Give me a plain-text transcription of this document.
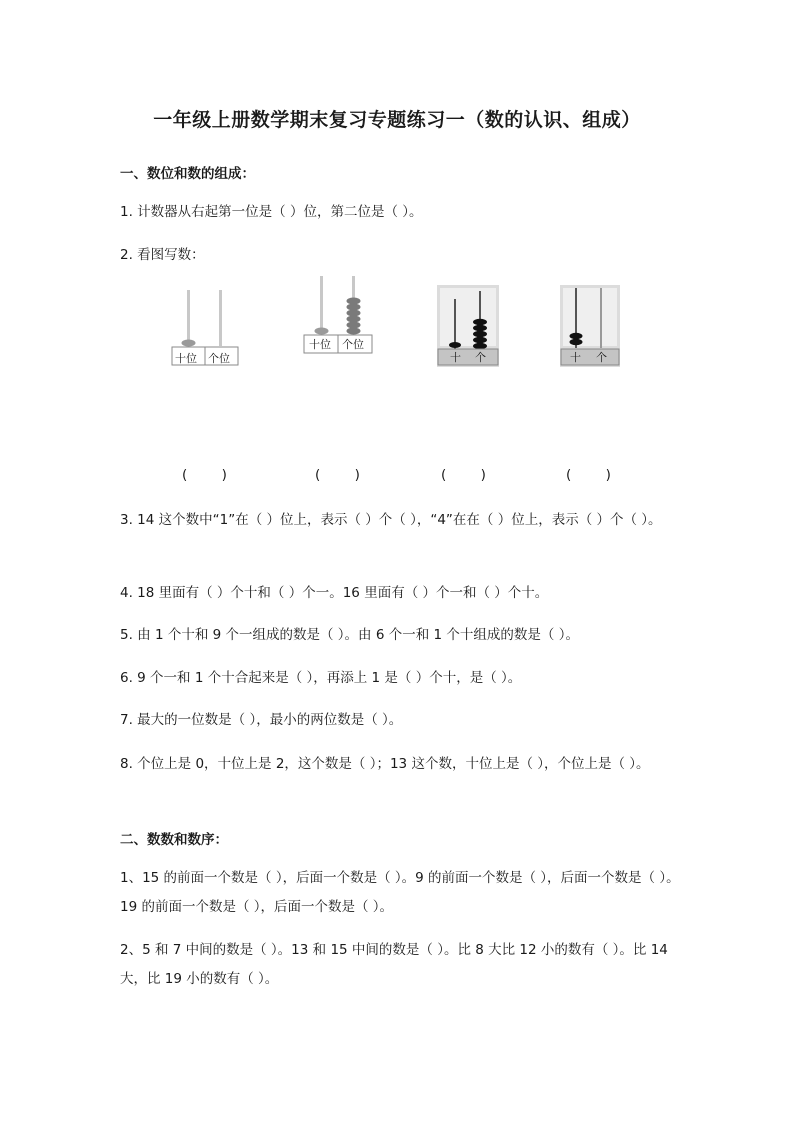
一年级上册数学期末复习专题练习一（数的认识、组成）
一、数位和数的组成：
1. 计数器从右起第一位是（ ）位，第二位是（ ）。
2. 看图写数：
十位 个位
十位 个位
十 个	十 个
(        )	(        )	(        )	(        )
3. 14 这个数中“1”在（ ）位上，表示（ ）个（ ），“4”在在（ ）位上，表示（ ）个（ ）。
4. 18 里面有（ ）个十和（ ）个一。16 里面有（ ）个一和（ ）个十。
5. 由 1 个十和 9 个一组成的数是（ ）。由 6 个一和 1 个十组成的数是（ ）。
6. 9 个一和 1 个十合起来是（ ），再添上 1 是（ ）个十，是（ ）。
7. 最大的一位数是（ ），最小的两位数是（ ）。
8. 个位上是 0，十位上是 2，这个数是（ ）；13 这个数，十位上是（ ），个位上是（ ）。
二、数数和数序：
1、15 的前面一个数是（ ），后面一个数是（ ）。9 的前面一个数是（ ），后面一个数是（ ）。19 的前面一个数是（ ），后面一个数是（ ）。
2、5 和 7 中间的数是（ ）。13 和 15 中间的数是（ ）。比 8 大比 12 小的数有（ ）。比 14 大，比 19 小的数有（ ）。
